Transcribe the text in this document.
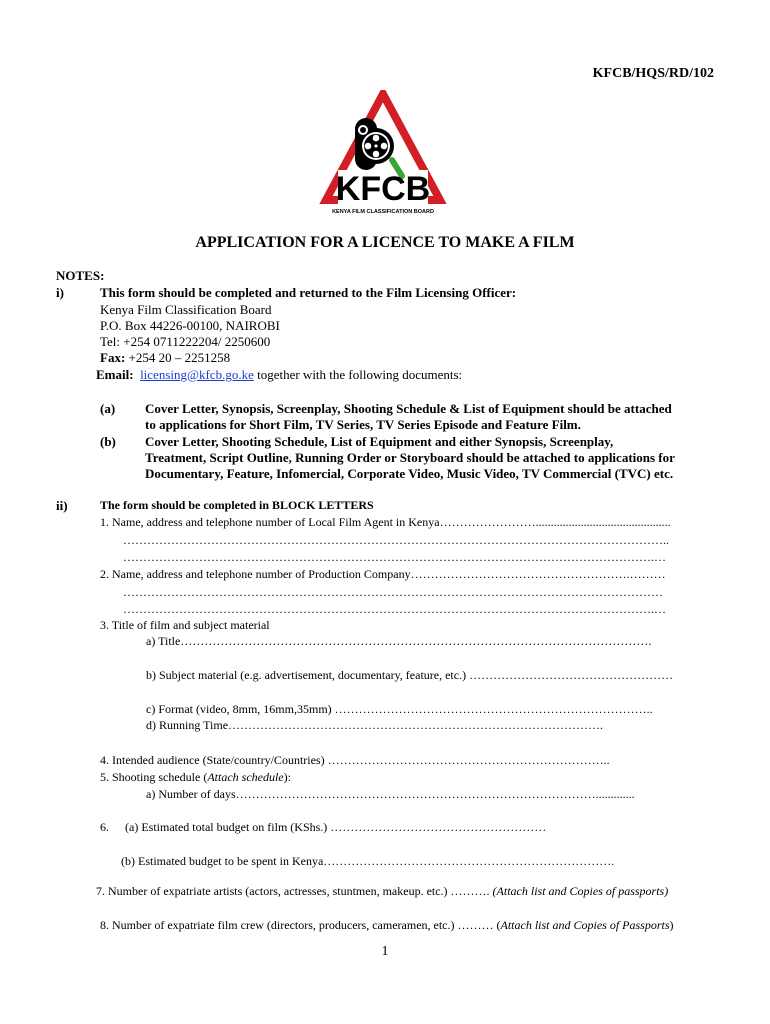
KFCB/HQS/RD/102
KFCB
KENYA FILM CLASSIFICATION BOARD
APPLICATION FOR A LICENCE TO MAKE A FILM
NOTES:
i)	This form should be completed and returned to the Film Licensing Officer:
Kenya Film Classification Board
P.O. Box 44226-00100, NAIROBI
Tel: +254 0711222204/ 2250600
Fax: +254 20 – 2251258
Email: licensing@kfcb.go.ke together with the following documents:
(a) Cover Letter, Synopsis, Screenplay, Shooting Schedule & List of Equipment should be attached
to applications for Short Film, TV Series, TV Series Episode and Feature Film.
(b) Cover Letter, Shooting Schedule, List of Equipment and either Synopsis, Screenplay,
Treatment, Script Outline, Running Order or Storyboard should be attached to applications for
Documentary, Feature, Infomercial, Corporate Video, Music Video, TV Commercial (TVC) etc.
ii)	The form should be completed in BLOCK LETTERS
1. Name, address and telephone number of Local Film Agent in Kenya…………………….............................................
………………………………………………………………………………………………………………………..
…………………………………………………………………………………………………………………….…
2. Name, address and telephone number of Production Company……………………………………………….………
………………………………………………………………………………………………………………………
…………………………………………………………………………………………………………………….…
3. Title of film and subject material
a) Title……………………………………………………………………………………………………….
b) Subject material (e.g. advertisement, documentary, feature, etc.) ……………………………………………
c) Format (video, 8mm, 16mm,35mm) ……………………………………………………………………..
d) Running Time………………………………………………………………………………….
4. Intended audience (State/country/Countries) ……………………………………………………………..
5. Shooting schedule (Attach schedule):
a) Number of days……………………………………………………………………………….............
6. (a) Estimated total budget on film (KShs.) ………………………………………………
(b) Estimated budget to be spent in Kenya……………………………………………………………….
7. Number of expatriate artists (actors, actresses, stuntmen, makeup. etc.) ………. (Attach list and Copies of passports)
8. Number of expatriate film crew (directors, producers, cameramen, etc.) ……… (Attach list and Copies of Passports)
1
